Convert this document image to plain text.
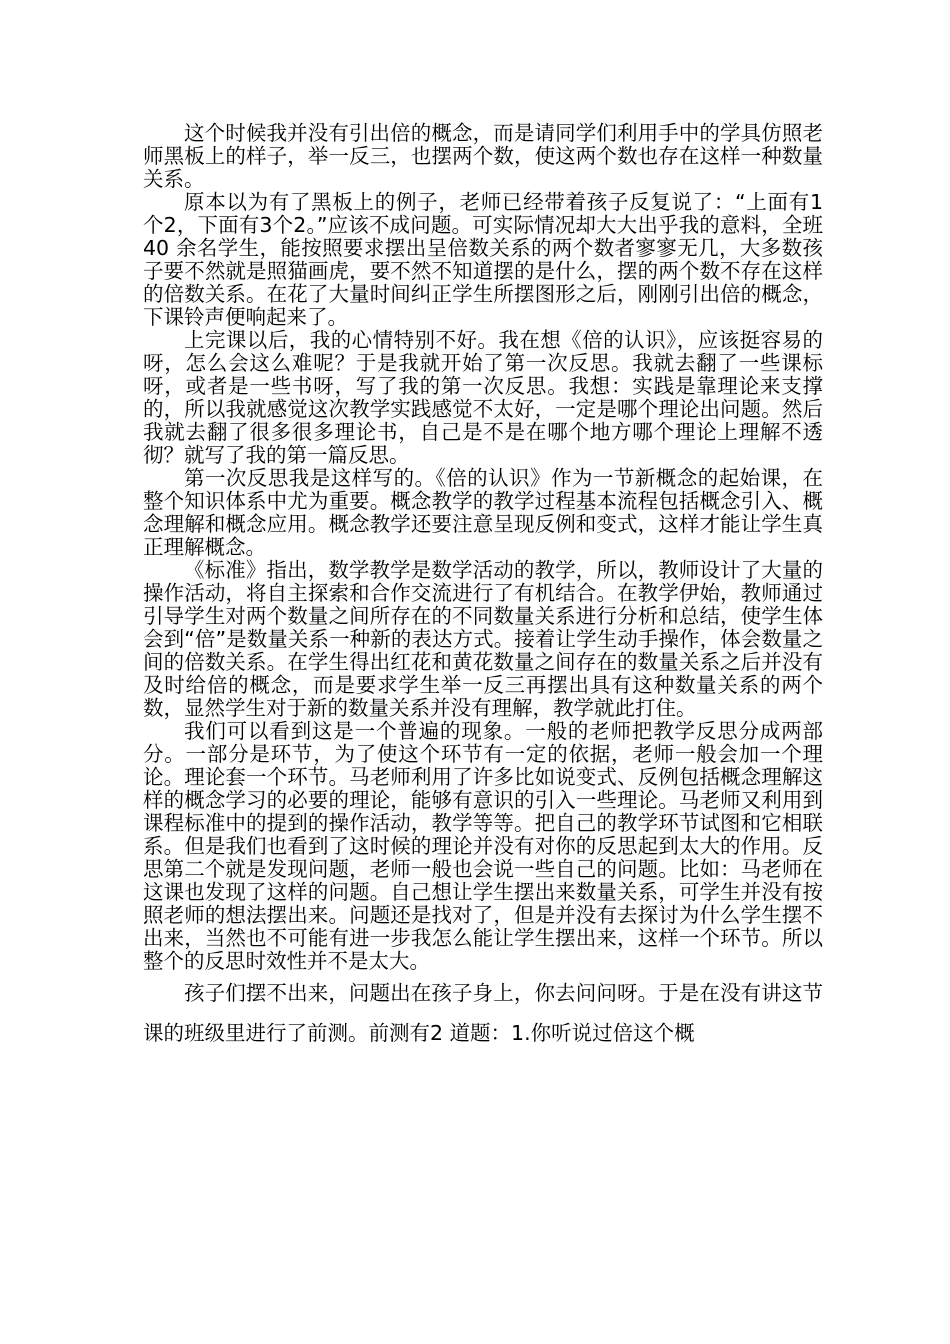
这个时候我并没有引出倍的概念，而是请同学们利用手中的学具仿照老师黑板上的样子，举一反三，也摆两个数，使这两个数也存在这样一种数量关系。

原本以为有了黑板上的例子，老师已经带着孩子反复说了：“上面有1 个2，下面有3个2。”应该不成问题。可实际情况却大大出乎我的意料，全班40 余名学生，能按照要求摆出呈倍数关系的两个数者寥寥无几，大多数孩子要不然就是照猫画虎，要不然不知道摆的是什么，摆的两个数不存在这样的倍数关系。在花了大量时间纠正学生所摆图形之后，刚刚引出倍的概念，下课铃声便响起来了。

上完课以后，我的心情特别不好。我在想《倍的认识》，应该挺容易的呀，怎么会这么难呢？于是我就开始了第一次反思。我就去翻了一些课标呀，或者是一些书呀，写了我的第一次反思。我想：实践是靠理论来支撑的，所以我就感觉这次教学实践感觉不太好，一定是哪个理论出问题。然后我就去翻了很多很多理论书，自己是不是在哪个地方哪个理论上理解不透彻？就写了我的第一篇反思。

第一次反思我是这样写的。《倍的认识》作为一节新概念的起始课，在整个知识体系中尤为重要。概念教学的教学过程基本流程包括概念引入、概念理解和概念应用。概念教学还要注意呈现反例和变式，这样才能让学生真正理解概念。

《标准》指出，数学教学是数学活动的教学，所以，教师设计了大量的操作活动，将自主探索和合作交流进行了有机结合。在教学伊始，教师通过引导学生对两个数量之间所存在的不同数量关系进行分析和总结，使学生体会到“倍”是数量关系一种新的表达方式。接着让学生动手操作，体会数量之间的倍数关系。在学生得出红花和黄花数量之间存在的数量关系之后并没有及时给倍的概念，而是要求学生举一反三再摆出具有这种数量关系的两个数，显然学生对于新的数量关系并没有理解，教学就此打住。

我们可以看到这是一个普遍的现象。一般的老师把教学反思分成两部分。一部分是环节，为了使这个环节有一定的依据，老师一般会加一个理论。理论套一个环节。马老师利用了许多比如说变式、反例包括概念理解这样的概念学习的必要的理论，能够有意识的引入一些理论。马老师又利用到课程标准中的提到的操作活动，教学等等。把自己的教学环节试图和它相联系。但是我们也看到了这时候的理论并没有对你的反思起到太大的作用。反思第二个就是发现问题，老师一般也会说一些自己的问题。比如：马老师在这课也发现了这样的问题。自己想让学生摆出来数量关系，可学生并没有按照老师的想法摆出来。问题还是找对了，但是并没有去探讨为什么学生摆不出来，当然也不可能有进一步我怎么能让学生摆出来，这样一个环节。所以整个的反思时效性并不是太大。

孩子们摆不出来，问题出在孩子身上，你去问问呀。于是在没有讲这节课的班级里进行了前测。前测有2 道题：1.你听说过倍这个概
